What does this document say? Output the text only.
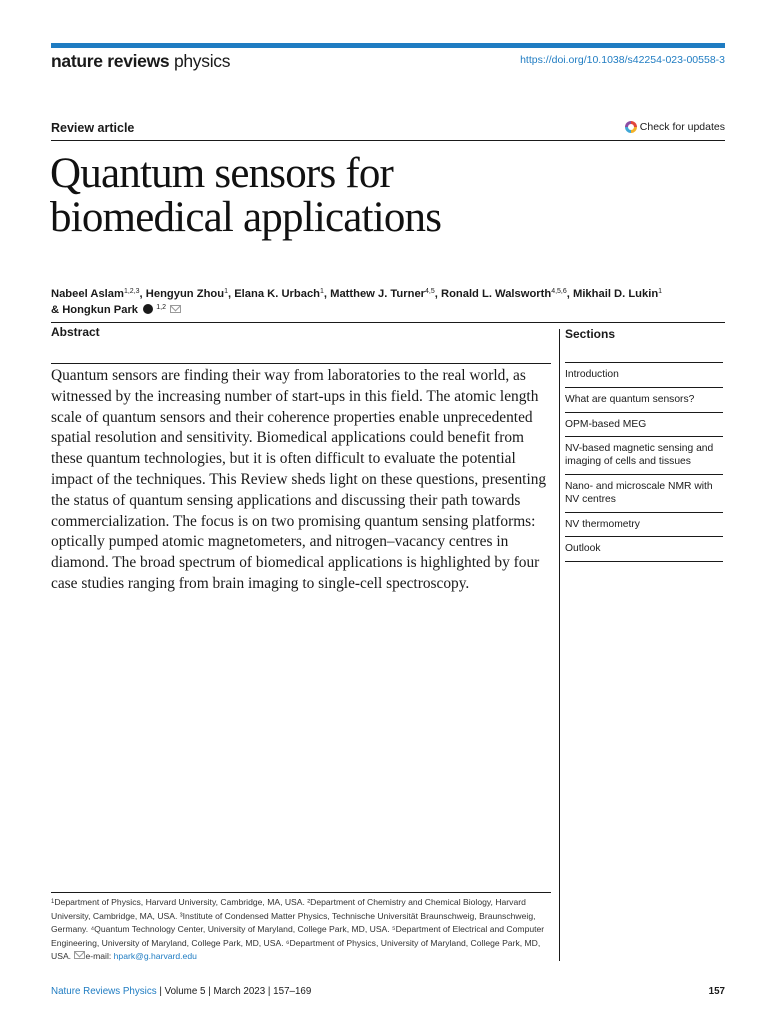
nature reviews physics	https://doi.org/10.1038/s42254-023-00558-3
Review article	Check for updates
Quantum sensors for
biomedical applications
Nabeel Aslam$^{1,2,3}$, Hengyun Zhou$^1$, Elana K. Urbach$^1$, Matthew J. Turner$^{4,5}$, Ronald L. Walsworth$^{4,5,6}$, Mikhail D. Lukin$^1$
& Hongkun Park	$^{1,2}$
Abstract

Quantum sensors are finding their way from laboratories to the real world, as witnessed by the increasing number of start-ups in this field. The atomic length scale of quantum sensors and their coherence properties enable unprecedented spatial resolution and sensitivity. Biomedical applications could benefit from these quantum technologies, but it is often difficult to evaluate the potential impact of the techniques. This Review sheds light on these questions, presenting the status of quantum sensing applications and discussing their path towards commercialization. The focus is on two promising quantum sensing platforms: optically pumped atomic magnetometers, and nitrogen–vacancy centres in diamond. The broad spectrum of biomedical applications is highlighted by four case studies ranging from brain imaging to single-cell spectroscopy.

Sections
Introduction
What are quantum sensors?
OPM-based MEG
NV-based magnetic sensing and imaging of cells and tissues
Nano- and microscale NMR with NV centres
NV thermometry
Outlook
$^1$Department of Physics, Harvard University, Cambridge, MA, USA. ²Department of Chemistry and Chemical Biology, Harvard University, Cambridge, MA, USA. ³Institute of Condensed Matter Physics, Technische Universität Braunschweig, Braunschweig, Germany. ⁴Quantum Technology Center, University of Maryland, College Park, MD, USA. ⁵Department of Electrical and Computer Engineering, University of Maryland, College Park, MD, USA. ⁶Department of Physics, University of Maryland, College Park, MD, USA. e-mail: hpark@g.harvard.edu
Nature Reviews Physics | Volume 5 | March 2023 | 157–169	157
